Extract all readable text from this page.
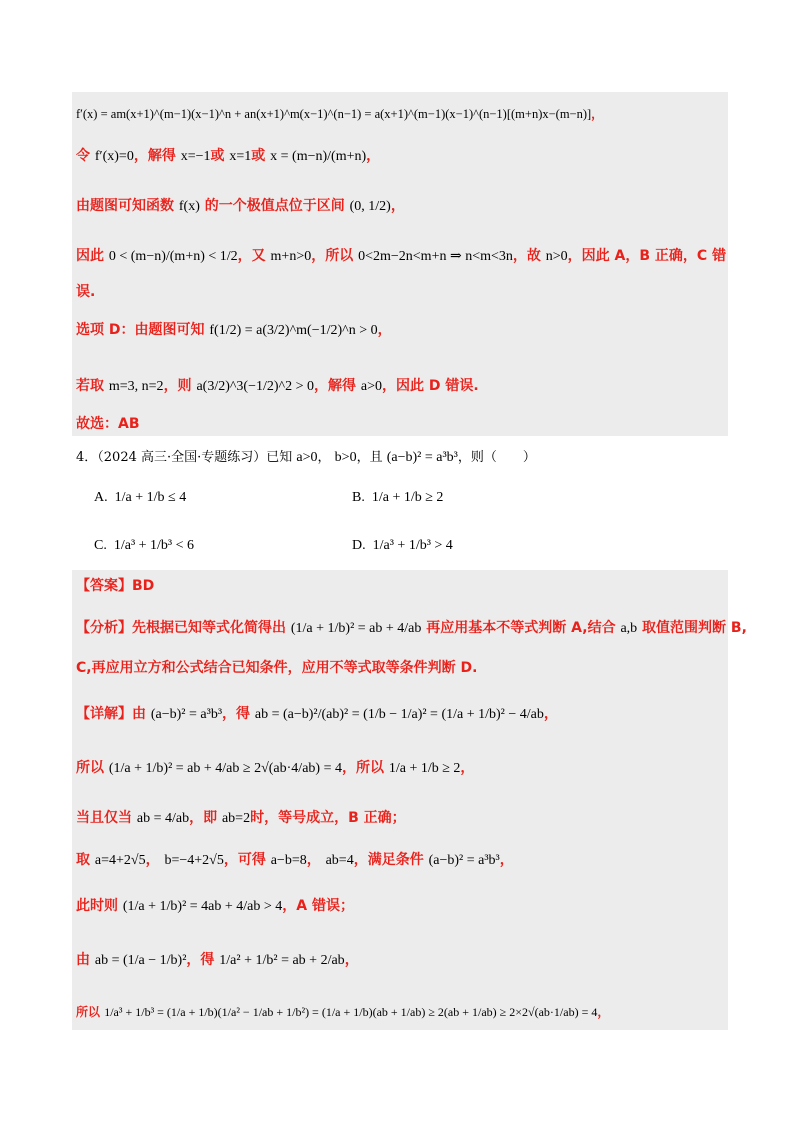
f′(x) = am(x+1)^(m−1)(x−1)^n + an(x+1)^m(x−1)^(n−1) = a(x+1)^(m−1)(x−1)^(n−1)[(m+n)x−(m−n)]，
令 f′(x)=0，解得 x=−1或 x=1或 x = (m−n)/(m+n)，
由题图可知函数 f(x) 的一个极值点位于区间 (0, 1/2)，
因此 0 < (m−n)/(m+n) < 1/2，又 m+n>0，所以 0<2m−2n<m+n ⇒ n<m<3n，故 n>0，因此 A，B 正确，C 错
误.
选项 D：由题图可知 f(1/2) = a(3/2)^m(−1/2)^n > 0，
若取 m=3, n=2，则 a(3/2)^3(−1/2)^2 > 0，解得 a>0，因此 D 错误.
故选：AB
4．（2024 高三·全国·专题练习）已知 a>0， b>0，且 (a−b)² = a³b³，则（　　）
A. 1/a + 1/b ≤ 4	B. 1/a + 1/b ≥ 2
C. 1/a³ + 1/b³ < 6	D. 1/a³ + 1/b³ > 4
【答案】BD
【分析】先根据已知等式化简得出 (1/a + 1/b)² = ab + 4/ab 再应用基本不等式判断 A,结合 a,b 取值范围判断 B,
C,再应用立方和公式结合已知条件，应用不等式取等条件判断 D.
【详解】由 (a−b)² = a³b³，得 ab = (a−b)²/(ab)² = (1/b − 1/a)² = (1/a + 1/b)² − 4/ab，
所以 (1/a + 1/b)² = ab + 4/ab ≥ 2√(ab·4/ab) = 4，所以 1/a + 1/b ≥ 2，
当且仅当 ab = 4/ab，即 ab=2时，等号成立，B 正确；
取 a=4+2√5， b=−4+2√5，可得 a−b=8， ab=4，满足条件 (a−b)² = a³b³，
此时则 (1/a + 1/b)² = 4ab + 4/ab > 4，A 错误；
由 ab = (1/a − 1/b)²，得 1/a² + 1/b² = ab + 2/ab，
所以 1/a³ + 1/b³ = (1/a + 1/b)(1/a² − 1/ab + 1/b²) = (1/a + 1/b)(ab + 1/ab) ≥ 2(ab + 1/ab) ≥ 2×2√(ab·1/ab) = 4，
